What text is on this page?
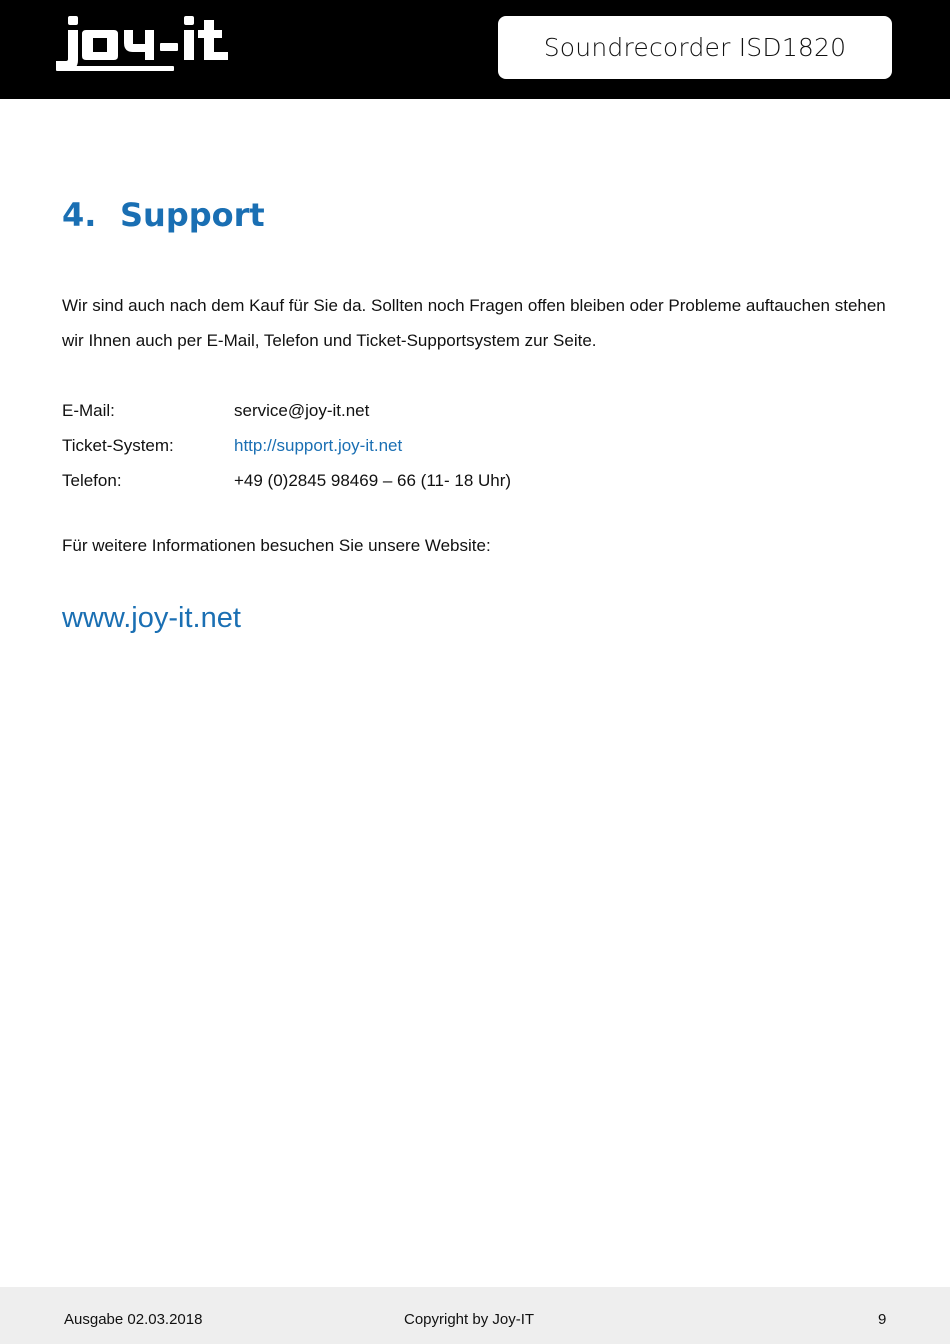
Soundrecorder ISD1820
4. Support

Wir sind auch nach dem Kauf für Sie da. Sollten noch Fragen offen bleiben oder Probleme auftauchen stehen wir Ihnen auch per E-Mail, Telefon und Ticket-Supportsystem zur Seite.

E-Mail:	service@joy-it.net
Ticket-System:	http://support.joy-it.net
Telefon:	+49 (0)2845 98469 – 66 (11- 18 Uhr)

Für weitere Informationen besuchen Sie unsere Website:

www.joy-it.net
Ausgabe 02.03.2018	Copyright by Joy-IT	9
